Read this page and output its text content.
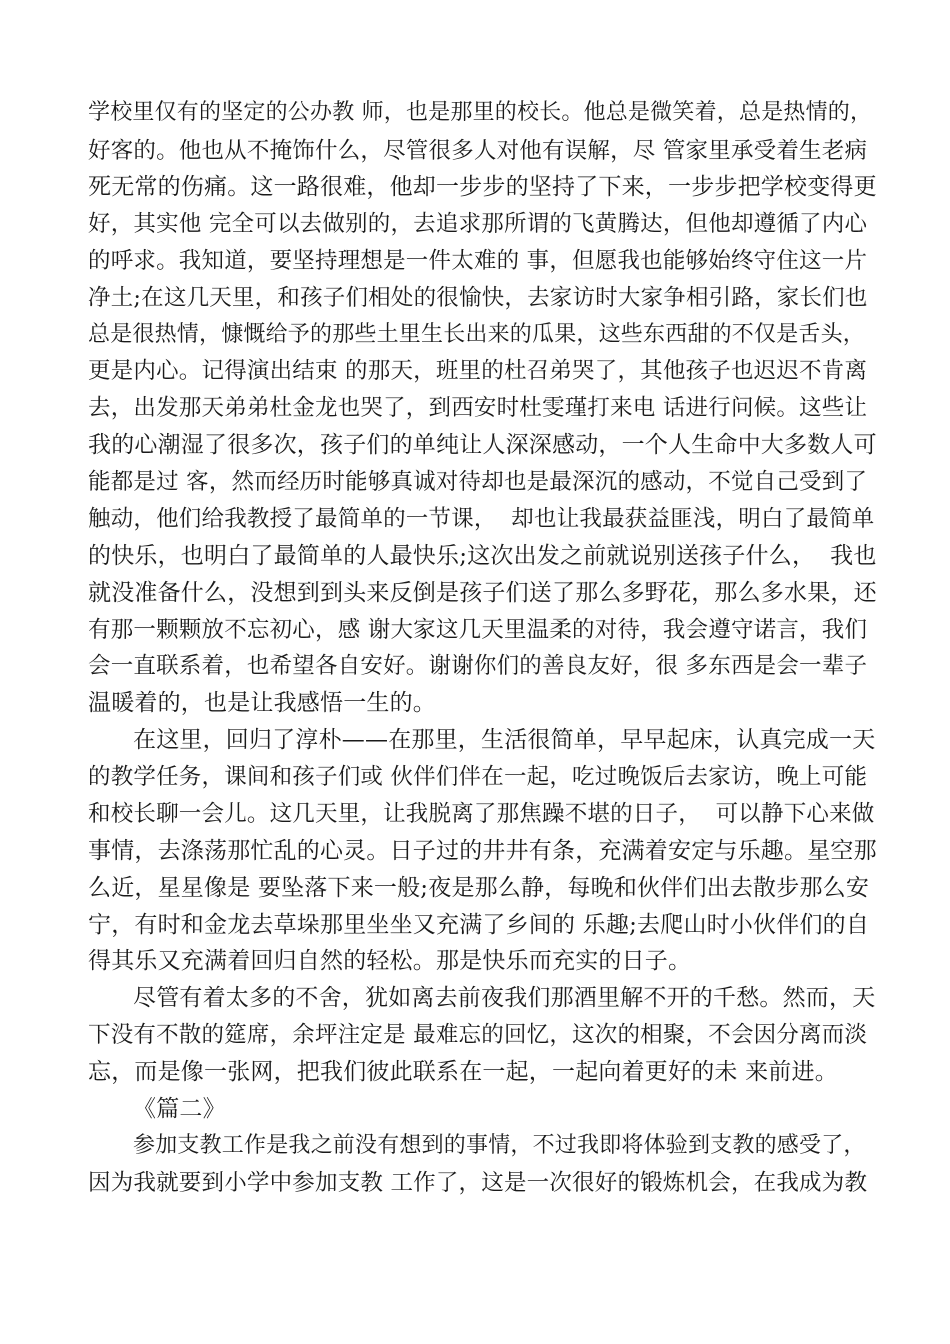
学校里仅有的坚定的公办教 师，也是那里的校长。他总是微笑着，总是热情的，
好客的。他也从不掩饰什么，尽管很多人对他有误解，尽 管家里承受着生老病
死无常的伤痛。这一路很难，他却一步步的坚持了下来，一步步把学校变得更
好，其实他 完全可以去做别的，去追求那所谓的飞黄腾达，但他却遵循了内心
的呼求。我知道，要坚持理想是一件太难的 事，但愿我也能够始终守住这一片
净土;在这几天里，和孩子们相处的很愉快，去家访时大家争相引路，家长们也
总是很热情，慷慨给予的那些土里生长出来的瓜果，这些东西甜的不仅是舌头，
更是内心。记得演出结束 的那天，班里的杜召弟哭了，其他孩子也迟迟不肯离
去，出发那天弟弟杜金龙也哭了，到西安时杜雯瑾打来电 话进行问候。这些让
我的心潮湿了很多次，孩子们的单纯让人深深感动，一个人生命中大多数人可
能都是过 客，然而经历时能够真诚对待却也是最深沉的感动，不觉自己受到了
触动，他们给我教授了最简单的一节课，  却也让我最获益匪浅，明白了最简单
的快乐，也明白了最简单的人最快乐;这次出发之前就说别送孩子什么，  我也
就没准备什么，没想到到头来反倒是孩子们送了那么多野花，那么多水果，还
有那一颗颗放不忘初心，感 谢大家这几天里温柔的对待，我会遵守诺言，我们
会一直联系着，也希望各自安好。谢谢你们的善良友好，很 多东西是会一辈子
温暖着的，也是让我感悟一生的。
在这里，回归了淳朴——在那里，生活很简单，早早起床，认真完成一天
的教学任务，课间和孩子们或 伙伴们伴在一起，吃过晚饭后去家访，晚上可能
和校长聊一会儿。这几天里，让我脱离了那焦躁不堪的日子，  可以静下心来做
事情，去涤荡那忙乱的心灵。日子过的井井有条，充满着安定与乐趣。星空那
么近，星星像是 要坠落下来一般;夜是那么静，每晚和伙伴们出去散步那么安
宁，有时和金龙去草垛那里坐坐又充满了乡间的 乐趣;去爬山时小伙伴们的自
得其乐又充满着回归自然的轻松。那是快乐而充实的日子。
尽管有着太多的不舍，犹如离去前夜我们那酒里解不开的千愁。然而，天
下没有不散的筵席，余坪注定是 最难忘的回忆，这次的相聚，不会因分离而淡
忘，而是像一张网，把我们彼此联系在一起，一起向着更好的未 来前进。
《篇二》
参加支教工作是我之前没有想到的事情，不过我即将体验到支教的感受了，
因为我就要到小学中参加支教 工作了，这是一次很好的锻炼机会，在我成为教
